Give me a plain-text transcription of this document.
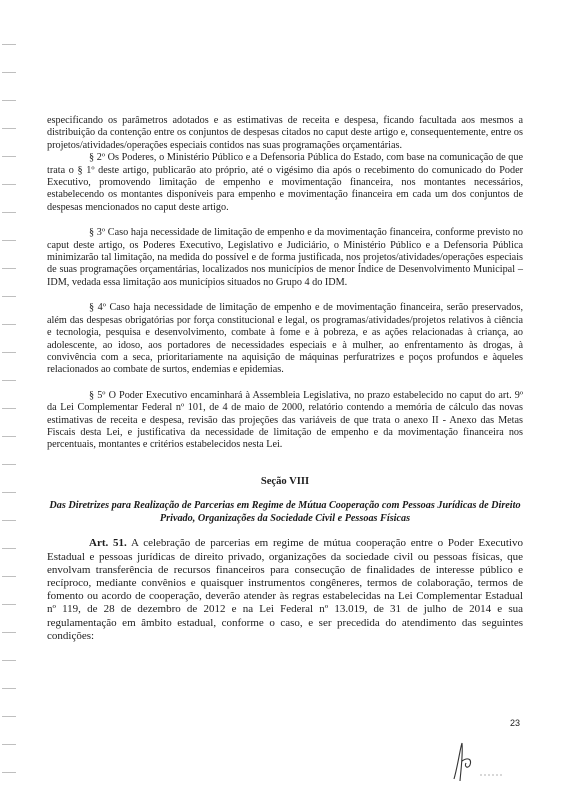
especificando os parâmetros adotados e as estimativas de receita e despesa, ficando facultada aos mesmos a distribuição da contenção entre os conjuntos de despesas citados no caput deste artigo e, consequentemente, entre os projetos/atividades/operações especiais contidos nas suas programações orçamentárias.

§ 2º Os Poderes, o Ministério Público e a Defensoria Pública do Estado, com base na comunicação de que trata o § 1º deste artigo, publicarão ato próprio, até o vigésimo dia após o recebimento do comunicado do Poder Executivo, promovendo limitação de empenho e movimentação financeira, nos montantes necessários, estabelecendo os montantes disponíveis para empenho e movimentação financeira em cada um dos conjuntos de despesas mencionados no caput deste artigo.

§ 3º Caso haja necessidade de limitação de empenho e da movimentação financeira, conforme previsto no caput deste artigo, os Poderes Executivo, Legislativo e Judiciário, o Ministério Público e a Defensoria Pública minimizarão tal limitação, na medida do possível e de forma justificada, nos projetos/atividades/operações especiais de suas programações orçamentárias, localizados nos municípios de menor Índice de Desenvolvimento Municipal – IDM, vedada essa limitação aos municípios situados no Grupo 4 do IDM.

§ 4º Caso haja necessidade de limitação de empenho e de movimentação financeira, serão preservados, além das despesas obrigatórias por força constitucional e legal, os programas/atividades/projetos relativos à ciência e tecnologia, pesquisa e desenvolvimento, combate à fome e à pobreza, e as ações relacionadas à criança, ao adolescente, ao idoso, aos portadores de necessidades especiais e à mulher, ao enfrentamento às drogas, à convivência com a seca, prioritariamente na aquisição de máquinas perfuratrizes e poços profundos e àqueles relacionados ao combate de surtos, endemias e epidemias.

§ 5º O Poder Executivo encaminhará à Assembleia Legislativa, no prazo estabelecido no caput do art. 9º da Lei Complementar Federal nº 101, de 4 de maio de 2000, relatório contendo a memória de cálculo das novas estimativas de receita e despesa, revisão das projeções das variáveis de que trata o anexo II - Anexo das Metas Fiscais desta Lei, e justificativa da necessidade de limitação de empenho e da movimentação financeira nos percentuais, montantes e critérios estabelecidos nesta Lei.

Seção VIII

Das Diretrizes para Realização de Parcerias em Regime de Mútua Cooperação com Pessoas Jurídicas de Direito Privado, Organizações da Sociedade Civil e Pessoas Físicas

Art. 51. A celebração de parcerias em regime de mútua cooperação entre o Poder Executivo Estadual e pessoas jurídicas de direito privado, organizações da sociedade civil ou pessoas físicas, que envolvam transferência de recursos financeiros para consecução de finalidades de interesse público e recíproco, mediante convênios e quaisquer instrumentos congêneres, termos de colaboração, termos de fomento ou acordo de cooperação, deverão atender às regras estabelecidas na Lei Complementar Estadual nº 119, de 28 de dezembro de 2012 e na Lei Federal nº 13.019, de 31 de julho de 2014 e sua regulamentação em âmbito estadual, conforme o caso, e ser precedida do atendimento das seguintes condições:

23
